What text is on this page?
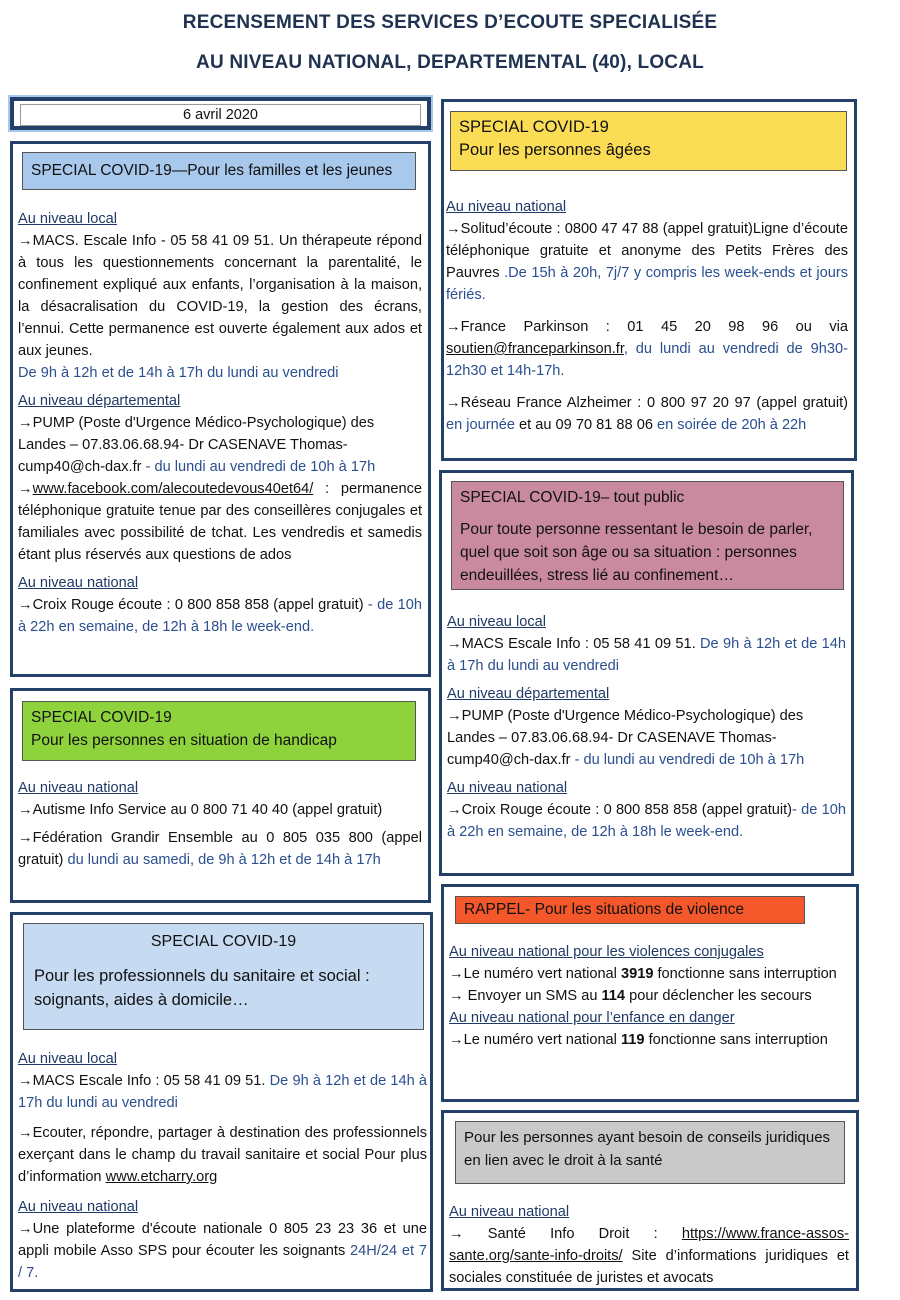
RECENSEMENT DES SERVICES D’ECOUTE SPECIALISÉE
AU NIVEAU NATIONAL, DEPARTEMENTAL (40), LOCAL
6 avril 2020
SPECIAL COVID-19—Pour les familles et les jeunes
Au niveau local
→MACS. Escale Info - 05 58 41 09 51. Un thérapeute répond à tous les questionnements concernant la parentalité, le confinement expliqué aux enfants, l’organisation à la maison, la désacralisation du COVID-19, la gestion des écrans, l’ennui. Cette permanence est ouverte également aux ados et aux jeunes.
De 9h à 12h et de 14h à 17h du lundi au vendredi
Au niveau départemental
→PUMP (Poste d'Urgence Médico-Psychologique) des Landes – 07.83.06.68.94- Dr CASENAVE Thomas-cump40@ch-dax.fr - du lundi au vendredi de 10h à 17h
→www.facebook.com/alecoutedevous40et64/ : permanence téléphonique gratuite tenue par des conseillères conjugales et familiales avec possibilité de tchat. Les vendredis et samedis étant plus réservés aux questions de ados
Au niveau national
→Croix Rouge écoute : 0 800 858 858 (appel gratuit) - de 10h à 22h en semaine, de 12h à 18h le week-end.
SPECIAL COVID-19
Pour les personnes en situation de handicap
Au niveau national
→Autisme Info Service au 0 800 71 40 40 (appel gratuit)
→Fédération Grandir Ensemble au 0 805 035 800 (appel gratuit) du lundi au samedi, de 9h à 12h et de 14h à 17h
SPECIAL COVID-19
Pour les professionnels du sanitaire et social : soignants, aides à domicile…
Au niveau local
→MACS Escale Info : 05 58 41 09 51. De 9h à 12h et de 14h à 17h du lundi au vendredi
→Ecouter, répondre, partager à destination des professionnels exerçant dans le champ du travail sanitaire et social Pour plus d’information www.etcharry.org
Au niveau national
→Une plateforme d'écoute nationale 0 805 23 23 36 et une appli mobile Asso SPS pour écouter les soignants 24H/24 et 7 / 7.
SPECIAL COVID-19
Pour les personnes âgées
Au niveau national
→Solitud’écoute : 0800 47 47 88 (appel gratuit)Ligne d’écoute téléphonique gratuite et anonyme des Petits Frères des Pauvres .De 15h à 20h, 7j/7 y compris les week-ends et jours fériés.
→France Parkinson : 01 45 20 98 96 ou via soutien@franceparkinson.fr, du lundi au vendredi de 9h30-12h30 et 14h-17h.
→Réseau France Alzheimer : 0 800 97 20 97 (appel gratuit) en journée et au 09 70 81 88 06 en soirée de 20h à 22h
SPECIAL COVID-19– tout public
Pour toute personne ressentant le besoin de parler, quel que soit son âge ou sa situation : personnes endeuillées, stress lié au confinement…
Au niveau local
→MACS Escale Info : 05 58 41 09 51. De 9h à 12h et de 14h à 17h du lundi au vendredi
Au niveau départemental
→PUMP (Poste d'Urgence Médico-Psychologique) des Landes – 07.83.06.68.94- Dr CASENAVE Thomas-cump40@ch-dax.fr - du lundi au vendredi de 10h à 17h
Au niveau national
→Croix Rouge écoute : 0 800 858 858 (appel gratuit)- de 10h à 22h en semaine, de 12h à 18h le week-end.
RAPPEL- Pour les situations de violence
Au niveau national pour les violences conjugales
→Le numéro vert national 3919 fonctionne sans interruption
→ Envoyer un SMS au 114 pour déclencher les secours
Au niveau national pour l’enfance en danger
→Le numéro vert national 119 fonctionne sans interruption
Pour les personnes ayant besoin de conseils juridiques en lien avec le droit à la santé
Au niveau national
→ Santé Info Droit : https://www.france-assos-sante.org/sante-info-droits/ Site d’informations juridiques et sociales constituée de juristes et avocats
